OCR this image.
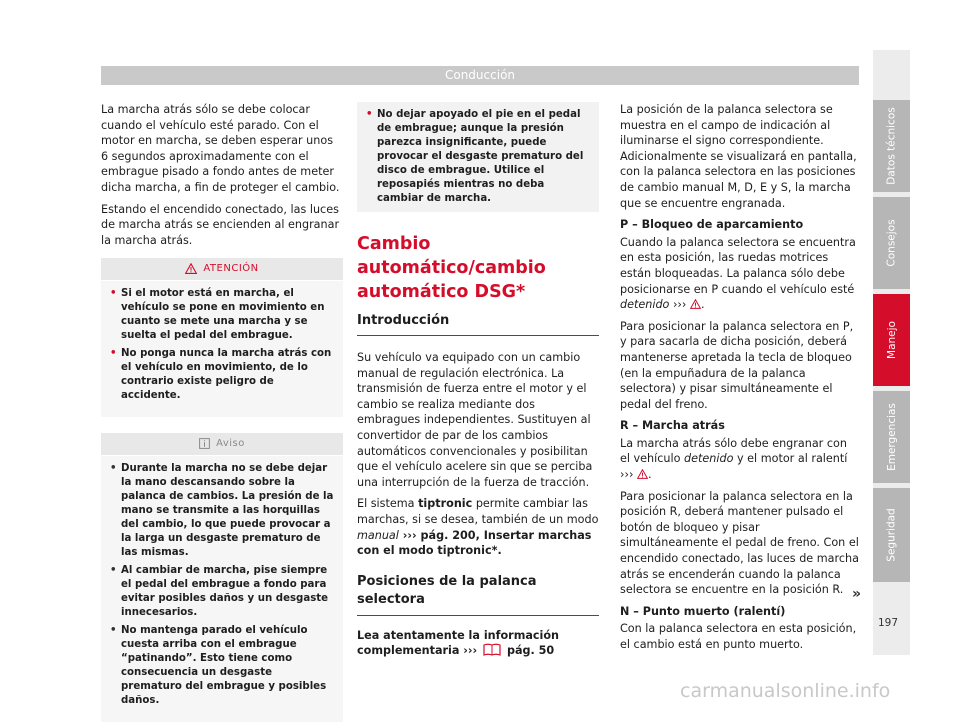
Conducción

La marcha atrás sólo se debe colocar cuando el vehículo esté parado. Con el motor en marcha, se deben esperar unos 6 segundos aproximadamente con el embrague pisado a fondo antes de meter dicha marcha, a fin de proteger el cambio.

Estando el encendido conectado, las luces de marcha atrás se encienden al engranar la marcha atrás.

ATENCIÓN
• Si el motor está en marcha, el vehículo se pone en movimiento en cuanto se mete una marcha y se suelta el pedal del embrague.
• No ponga nunca la marcha atrás con el vehículo en movimiento, de lo contrario existe peligro de accidente.
Aviso
• Durante la marcha no se debe dejar la mano descansando sobre la palanca de cambios. La presión de la mano se transmite a las horquillas del cambio, lo que puede provocar a la larga un desgaste prematuro de las mismas.
• Al cambiar de marcha, pise siempre el pedal del embrague a fondo para evitar posibles daños y un desgaste innecesarios.
• No mantenga parado el vehículo cuesta arriba con el embrague “patinando”. Esto tiene como consecuencia un desgaste prematuro del embrague y posibles daños.
• No dejar apoyado el pie en el pedal de embrague; aunque la presión parezca insignificante, puede provocar el desgaste prematuro del disco de embrague. Utilice el reposapiés mientras no deba cambiar de marcha.
Cambio automático/cambio automático DSG*
Introducción

Su vehículo va equipado con un cambio manual de regulación electrónica. La transmisión de fuerza entre el motor y el cambio se realiza mediante dos embragues independientes. Sustituyen al convertidor de par de los cambios automáticos convencionales y posibilitan que el vehículo acelere sin que se perciba una interrupción de la fuerza de tracción.

El sistema tiptronic permite cambiar las marchas, si se desea, también de un modo manual ››› pág. 200, Insertar marchas con el modo tiptronic*.

Posiciones de la palanca selectora

Lea atentamente la información complementaria ›››  pág. 50

La posición de la palanca selectora se muestra en el campo de indicación al iluminarse el signo correspondiente. Adicionalmente se visualizará en pantalla, con la palanca selectora en las posiciones de cambio manual M, D, E y S, la marcha que se encuentre engranada.

P – Bloqueo de aparcamiento

Cuando la palanca selectora se encuentra en esta posición, las ruedas motrices están bloqueadas. La palanca sólo debe posicionarse en P cuando el vehículo esté detenido ››› .

Para posicionar la palanca selectora en P, y para sacarla de dicha posición, deberá mantenerse apretada la tecla de bloqueo (en la empuñadura de la palanca selectora) y pisar simultáneamente el pedal del freno.

R – Marcha atrás

La marcha atrás sólo debe engranar con el vehículo detenido y el motor al ralentí ››› .

Para posicionar la palanca selectora en la posición R, deberá mantener pulsado el botón de bloqueo y pisar simultáneamente el pedal de freno. Con el encendido conectado, las luces de marcha atrás se encenderán cuando la palanca selectora se encuentre en la posición R.

N – Punto muerto (ralentí)

Con la palanca selectora en esta posición, el cambio está en punto muerto.

Datos técnicos
Consejos
Manejo
Emergencias
Seguridad
»
197
carmanualsonline.info
